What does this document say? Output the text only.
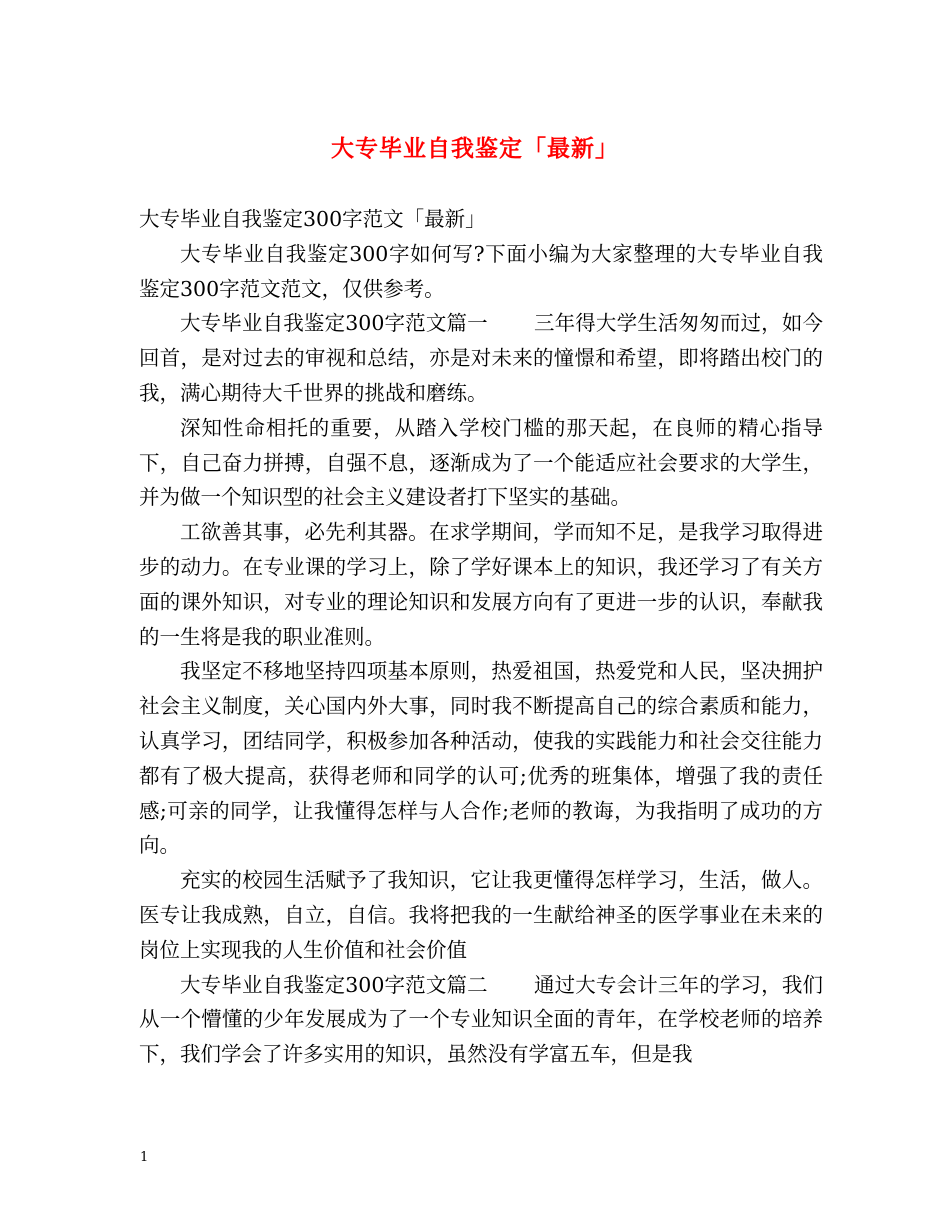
大专毕业自我鉴定「最新」

大专毕业自我鉴定300字范文「最新」

大专毕业自我鉴定300字如何写?下面小编为大家整理的大专毕业自我鉴定300字范文范文，仅供参考。

大专毕业自我鉴定300字范文篇一 三年得大学生活匆匆而过，如今回首，是对过去的审视和总结，亦是对未来的憧憬和希望，即将踏出校门的我，满心期待大千世界的挑战和磨练。

深知性命相托的重要，从踏入学校门槛的那天起，在良师的精心指导下，自己奋力拼搏，自强不息，逐渐成为了一个能适应社会要求的大学生，并为做一个知识型的社会主义建设者打下坚实的基础。

工欲善其事，必先利其器。在求学期间，学而知不足，是我学习取得进步的动力。在专业课的学习上，除了学好课本上的知识，我还学习了有关方面的课外知识，对专业的理论知识和发展方向有了更进一步的认识，奉献我的一生将是我的职业准则。

我坚定不移地坚持四项基本原则，热爱祖国，热爱党和人民，坚决拥护社会主义制度，关心国内外大事，同时我不断提高自己的综合素质和能力，认真学习，团结同学，积极参加各种活动，使我的实践能力和社会交往能力都有了极大提高，获得老师和同学的认可;优秀的班集体，增强了我的责任感;可亲的同学，让我懂得怎样与人合作;老师的教诲，为我指明了成功的方向。

充实的校园生活赋予了我知识，它让我更懂得怎样学习，生活，做人。医专让我成熟，自立，自信。我将把我的一生献给神圣的医学事业在未来的岗位上实现我的人生价值和社会价值

大专毕业自我鉴定300字范文篇二 通过大专会计三年的学习，我们从一个懵懂的少年发展成为了一个专业知识全面的青年，在学校老师的培养下，我们学会了许多实用的知识，虽然没有学富五车，但是我

1
